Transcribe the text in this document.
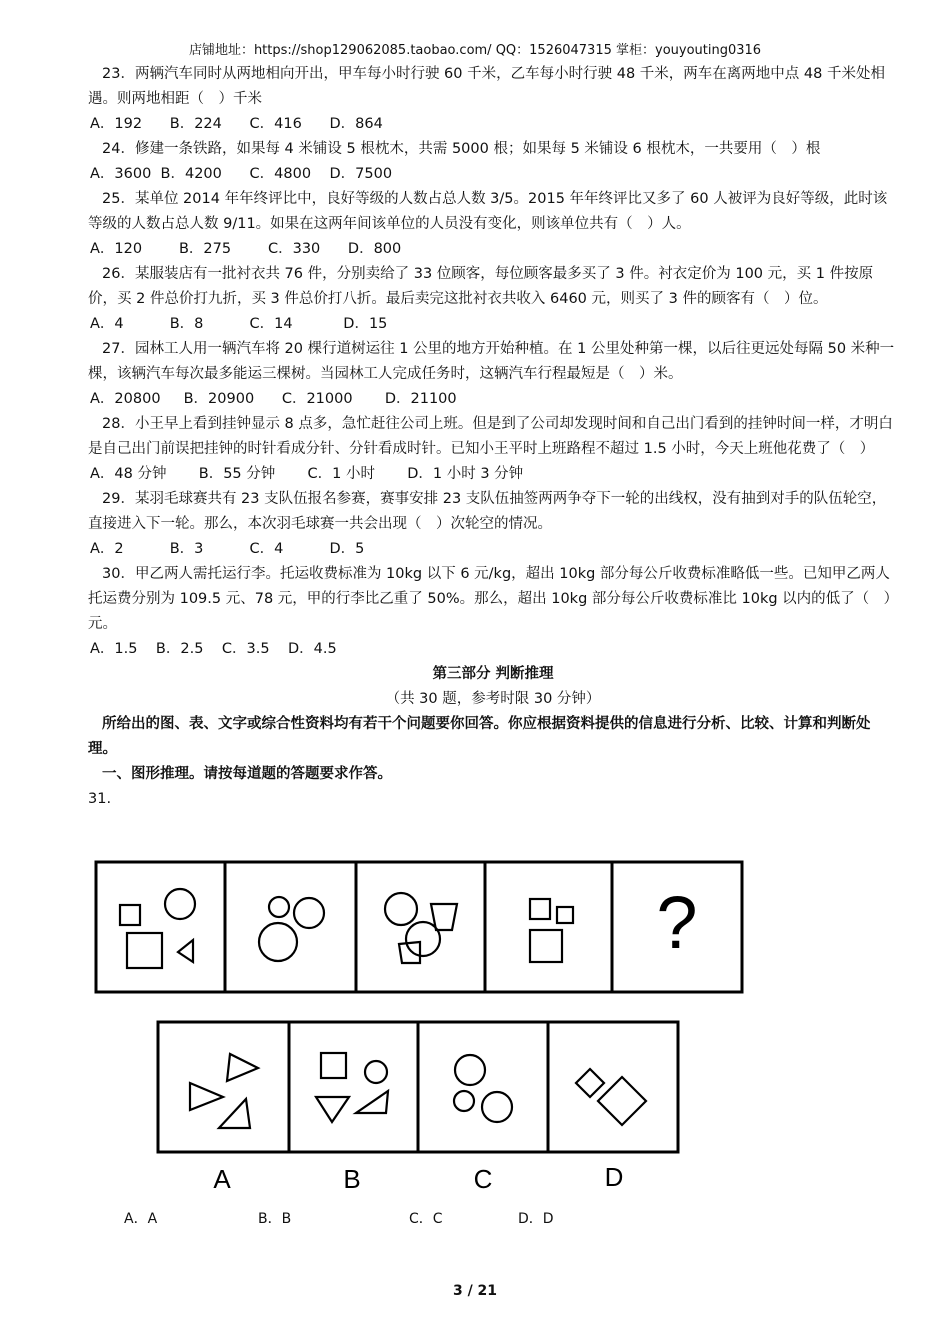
店铺地址：https://shop129062085.taobao.com/ QQ：1526047315 掌柜：youyouting0316

23．两辆汽车同时从两地相向开出，甲车每小时行驶 60 千米，乙车每小时行驶 48 千米，两车在离两地中点 48 千米处相遇。则两地相距（　）千米

A．192      B．224      C．416      D．864

24．修建一条铁路，如果每 4 米铺设 5 根枕木，共需 5000 根；如果每 5 米铺设 6 根枕木，一共要用（　）根

A．3600  B．4200      C．4800    D．7500

25．某单位 2014 年年终评比中，良好等级的人数占总人数 3/5。2015 年年终评比又多了 60 人被评为良好等级，此时该等级的人数占总人数 9/11。如果在这两年间该单位的人员没有变化，则该单位共有（　）人。

A．120        B．275        C．330      D．800

26．某服装店有一批衬衣共 76 件，分别卖给了 33 位顾客，每位顾客最多买了 3 件。衬衣定价为 100 元，买 1 件按原 价，买 2 件总价打九折，买 3 件总价打八折。最后卖完这批衬衣共收入 6460 元，则买了 3 件的顾客有（　）位。

A．4          B．8          C．14           D．15

27．园林工人用一辆汽车将 20 棵行道树运往 1 公里的地方开始种植。在 1 公里处种第一棵，以后往更远处每隔 50 米种一棵，该辆汽车每次最多能运三棵树。当园林工人完成任务时，这辆汽车行程最短是（　）米。

A．20800     B．20900      C．21000       D．21100

28．小王早上看到挂钟显示 8 点多，急忙赶往公司上班。但是到了公司却发现时间和自己出门看到的挂钟时间一样，才明白是自己出门前误把挂钟的时针看成分针、分针看成时针。已知小王平时上班路程不超过 1.5 小时，今天上班他花费了（　）

A．48 分钟       B．55 分钟       C．1 小时       D．1 小时 3 分钟

29．某羽毛球赛共有 23 支队伍报名参赛，赛事安排 23 支队伍抽签两两争夺下一轮的出线权，没有抽到对手的队伍轮空，直接进入下一轮。那么，本次羽毛球赛一共会出现（　）次轮空的情况。

A．2          B．3          C．4          D．5

30．甲乙两人需托运行李。托运收费标准为 10kg 以下 6 元/kg，超出 10kg 部分每公斤收费标准略低一些。已知甲乙两人托运费分别为 109.5 元、78 元，甲的行李比乙重了 50%。那么，超出 10kg 部分每公斤收费标准比 10kg 以内的低了（　）元。

A．1.5    B．2.5    C．3.5    D．4.5

第三部分 判断推理

（共 30 题，参考时限 30 分钟）

所给出的图、表、文字或综合性资料均有若干个问题要你回答。你应根据资料提供的信息进行分析、比较、计算和判断处理。

一、图形推理。请按每道题的答题要求作答。

31.

?
A	B	C	D
A．A	B．B	C．C	D．D
3 / 21
